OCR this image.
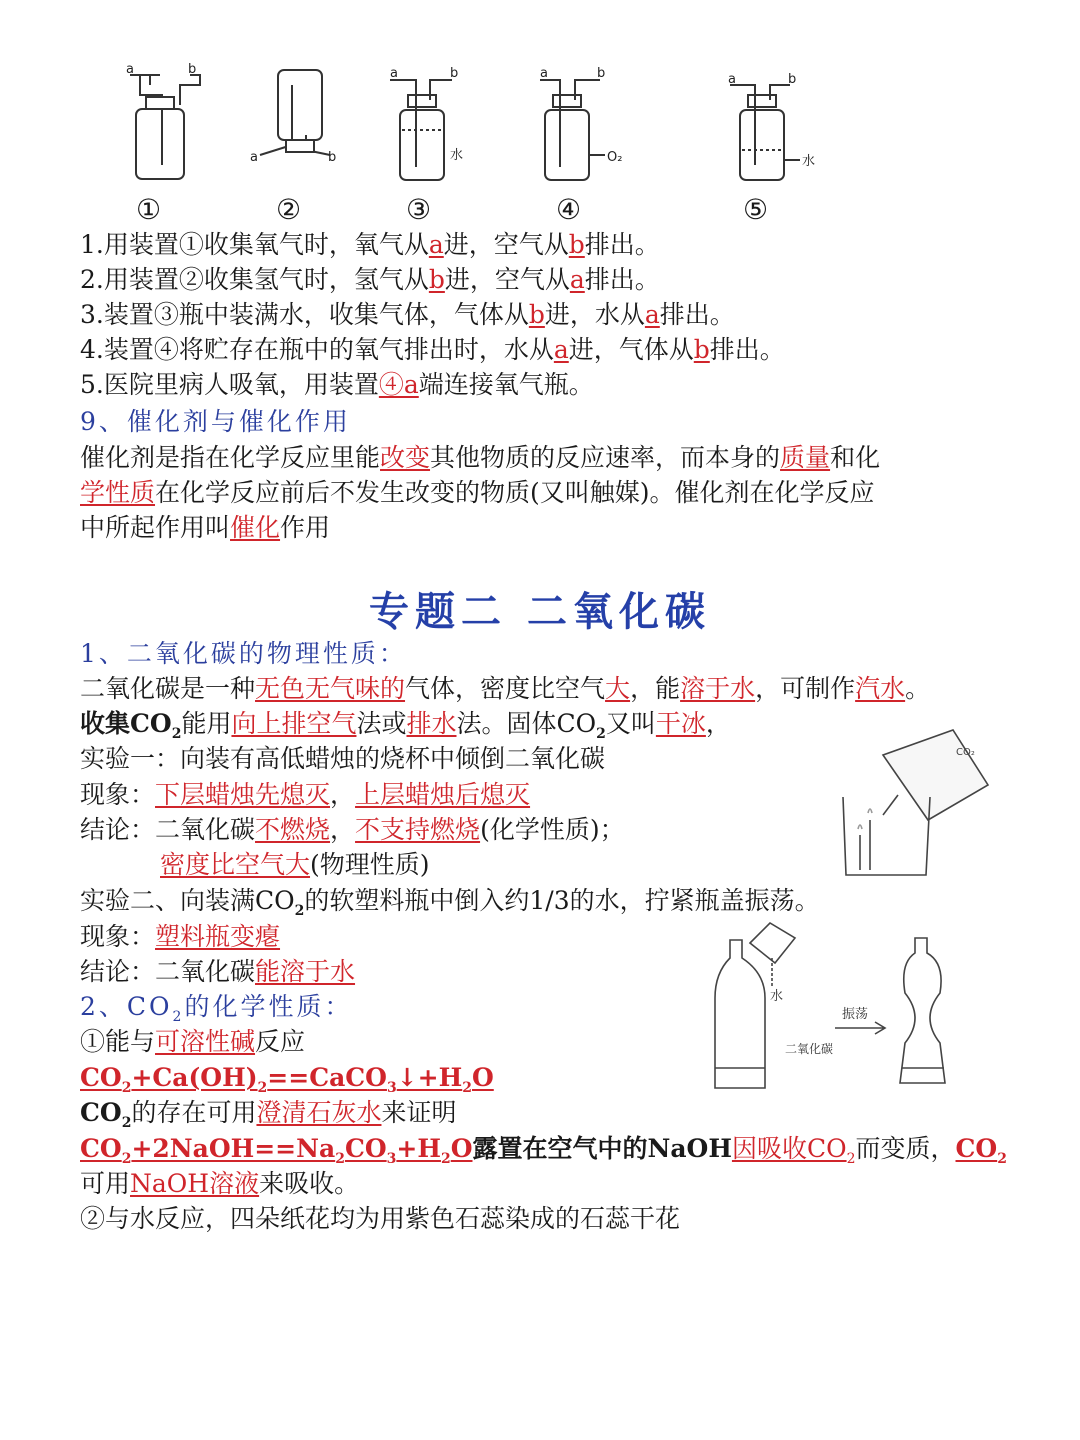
a	b
a	b
a	b
水
a	b
O₂
a	b
水
①	②	③	④	⑤
1.用装置①收集氧气时，氧气从a进，空气从b排出。
2.用装置②收集氢气时，氢气从b进，空气从a排出。
3.装置③瓶中装满水，收集气体，气体从b进，水从a排出。
4.装置④将贮存在瓶中的氧气排出时，水从a进，气体从b排出。
5.医院里病人吸氧，用装置④a端连接氧气瓶。
9、催化剂与催化作用
催化剂是指在化学反应里能改变其他物质的反应速率，而本身的质量和化
学性质在化学反应前后不发生改变的物质(又叫触媒)。催化剂在化学反应
中所起作用叫催化作用
专题二 二氧化碳
1、二氧化碳的物理性质：
二氧化碳是一种无色无气味的气体，密度比空气大，能溶于水，可制作汽水。
收集$CO_2$能用向上排空气法或排水法。固体$CO_2$又叫干冰，
实验一：向装有高低蜡烛的烧杯中倾倒二氧化碳
现象：下层蜡烛先熄灭，上层蜡烛后熄灭
结论：二氧化碳不燃烧，不支持燃烧(化学性质)；
密度比空气大(物理性质)
CO₂
实验二、向装满$CO_2$的软塑料瓶中倒入约1/3的水，拧紧瓶盖振荡。
现象：塑料瓶变瘪
结论：二氧化碳能溶于水
水
二氧化碳
振荡
2、$CO_2$的化学性质：
①能与可溶性碱反应
$CO_2+Ca(OH)_2==CaCO_3↓+H_2O$
$CO_2$的存在可用澄清石灰水来证明
$CO_2+2NaOH==Na_2CO_3+H_2O$露置在空气中的NaOH因吸收$CO_2$而变质，$CO_2$
可用NaOH溶液来吸收。
②与水反应，四朵纸花均为用紫色石蕊染成的石蕊干花
